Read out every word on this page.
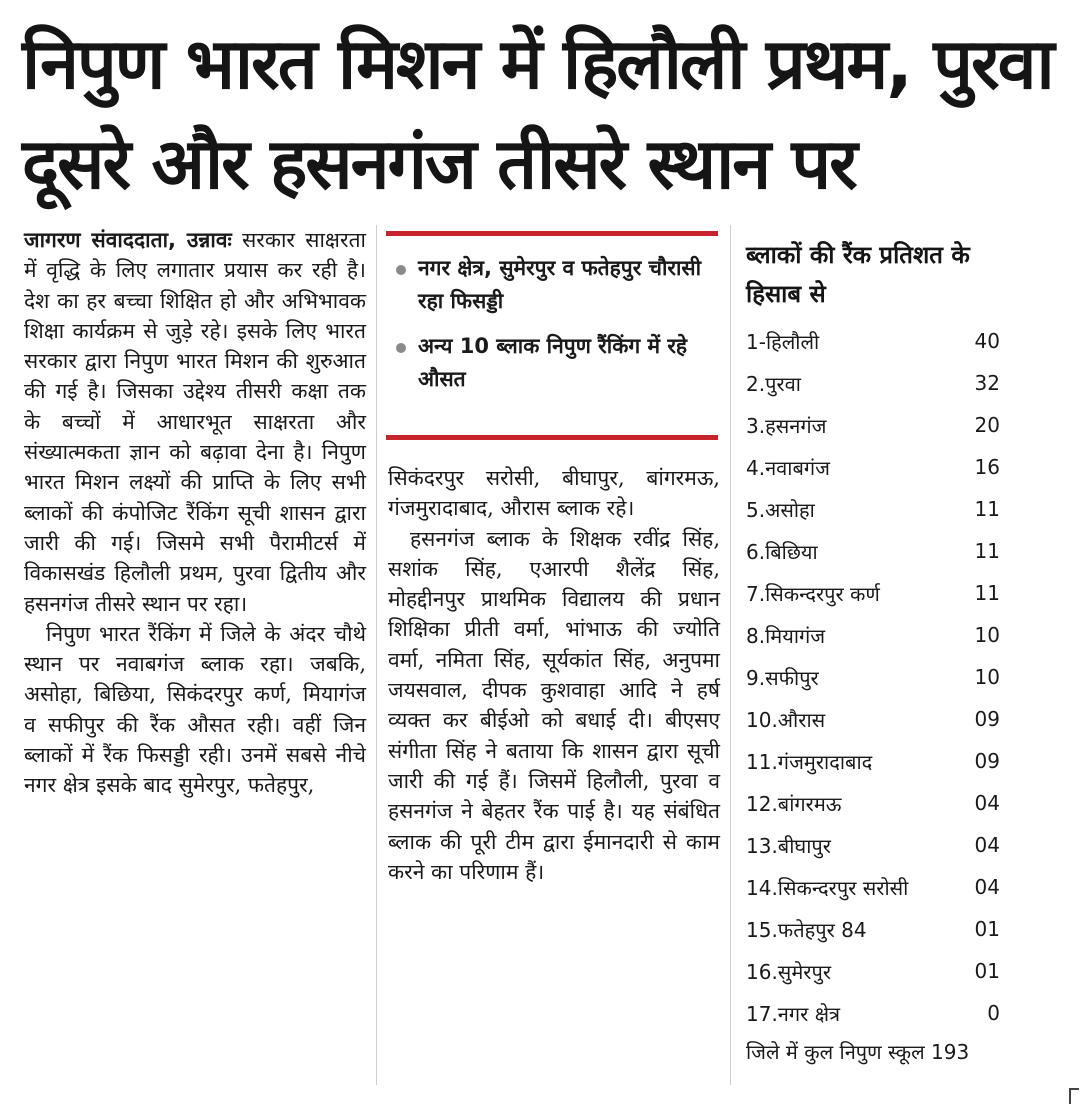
निपुण भारत मिशन में हिलौली प्रथम, पुरवा
दूसरे और हसनगंज तीसरे स्थान पर

जागरण संवाददाता, उन्नावः सरकार साक्षरता में वृद्धि के लिए लगातार प्रयास कर रही है। देश का हर बच्चा शिक्षित हो और अभिभावक शिक्षा कार्यक्रम से जुड़े रहे। इसके लिए भारत सरकार द्वारा निपुण भारत मिशन की शुरुआत की गई है। जिसका उद्देश्य तीसरी कक्षा तक के बच्चों में आधारभूत साक्षरता और संख्यात्मकता ज्ञान को बढ़ावा देना है। निपुण भारत मिशन लक्ष्यों की प्राप्ति के लिए सभी ब्लाकों की कंपोजिट रैंकिंग सूची शासन द्वारा जारी की गई। जिसमे सभी पैरामीटर्स में विकासखंड हिलौली प्रथम, पुरवा द्वितीय और हसनगंज तीसरे स्थान पर रहा।

निपुण भारत रैंकिंग में जिले के अंदर चौथे स्थान पर नवाबगंज ब्लाक रहा। जबकि, असोहा, बिछिया, सिकंदरपुर कर्ण, मियागंज व सफीपुर की रैंक औसत रही। वहीं जिन ब्लाकों में रैंक फिसड्डी रही। उनमें सबसे नीचे नगर क्षेत्र इसके बाद सुमेरपुर, फतेहपुर,

नगर क्षेत्र, सुमेरपुर व फतेहपुर चौरासी रहा फिसड्डी
अन्य 10 ब्लाक निपुण रैंकिंग में रहे औसत

सिकंदरपुर सरोसी, बीघापुर, बांगरमऊ, गंजमुरादाबाद, औरास ब्लाक रहे।

हसनगंज ब्लाक के शिक्षक रवींद्र सिंह, सशांक सिंह, एआरपी शैलेंद्र सिंह, मोहद्दीनपुर प्राथमिक विद्यालय की प्रधान शिक्षिका प्रीती वर्मा, भांभाऊ की ज्योति वर्मा, नमिता सिंह, सूर्यकांत सिंह, अनुपमा जयसवाल, दीपक कुशवाहा आदि ने हर्ष व्यक्त कर बीईओ को बधाई दी। बीएसए संगीता सिंह ने बताया कि शासन द्वारा सूची जारी की गई हैं। जिसमें हिलौली, पुरवा व हसनगंज ने बेहतर रैंक पाई है। यह संबंधित ब्लाक की पूरी टीम द्वारा ईमानदारी से काम करने का परिणाम हैं।

ब्लाकों की रैंक प्रतिशत के हिसाब से
1-हिलौली	40
2.पुरवा	32
3.हसनगंज	20
4.नवाबगंज	16
5.असोहा	11
6.बिछिया	11
7.सिकन्दरपुर कर्ण	11
8.मियागंज	10
9.सफीपुर	10
10.औरास	09
11.गंजमुरादाबाद	09
12.बांगरमऊ	04
13.बीघापुर	04
14.सिकन्दरपुर सरोसी	04
15.फतेहपुर 84	01
16.सुमेरपुर	01
17.नगर क्षेत्र	0
जिले में कुल निपुण स्कूल 193
